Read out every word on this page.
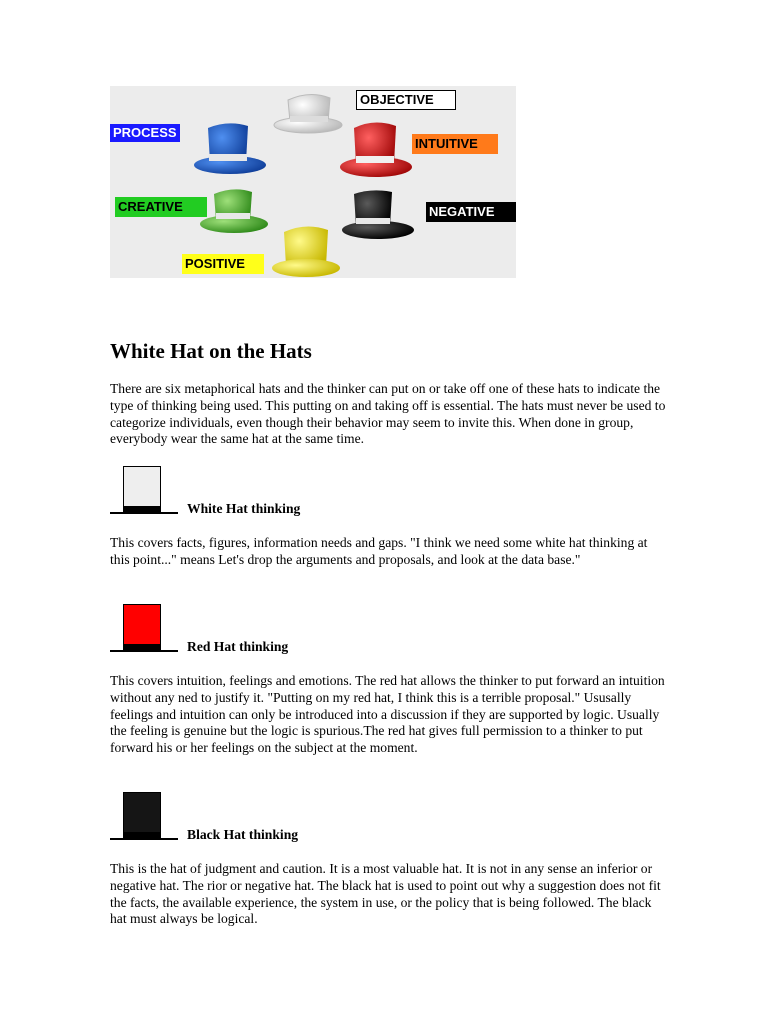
OBJECTIVE
PROCESS
INTUITIVE
CREATIVE	NEGATIVE
POSITIVE
White Hat on the Hats

There are six metaphorical hats and the thinker can put on or take off one of these hats to indicate the type of thinking being used. This putting on and taking off is essential. The hats must never be used to categorize individuals, even though their behavior may seem to invite this. When done in group, everybody wear the same hat at the same time.

White Hat thinking

This covers facts, figures, information needs and gaps. "I think we need some white hat thinking at this point..." means Let's drop the arguments and proposals, and look at the data base."

Red Hat thinking

This covers intuition, feelings and emotions. The red hat allows the thinker to put forward an intuition without any ned to justify it. "Putting on my red hat, I think this is a terrible proposal." Ususally feelings and intuition can only be introduced into a discussion if they are supported by logic. Usually the feeling is genuine but the logic is spurious.The red hat gives full permission to a thinker to put forward his or her feelings on the subject at the moment.

Black Hat thinking

This is the hat of judgment and caution. It is a most valuable hat. It is not in any sense an inferior or negative hat. The rior or negative hat. The black hat is used to point out why a suggestion does not fit the facts, the available experience, the system in use, or the policy that is being followed. The black hat must always be logical.
